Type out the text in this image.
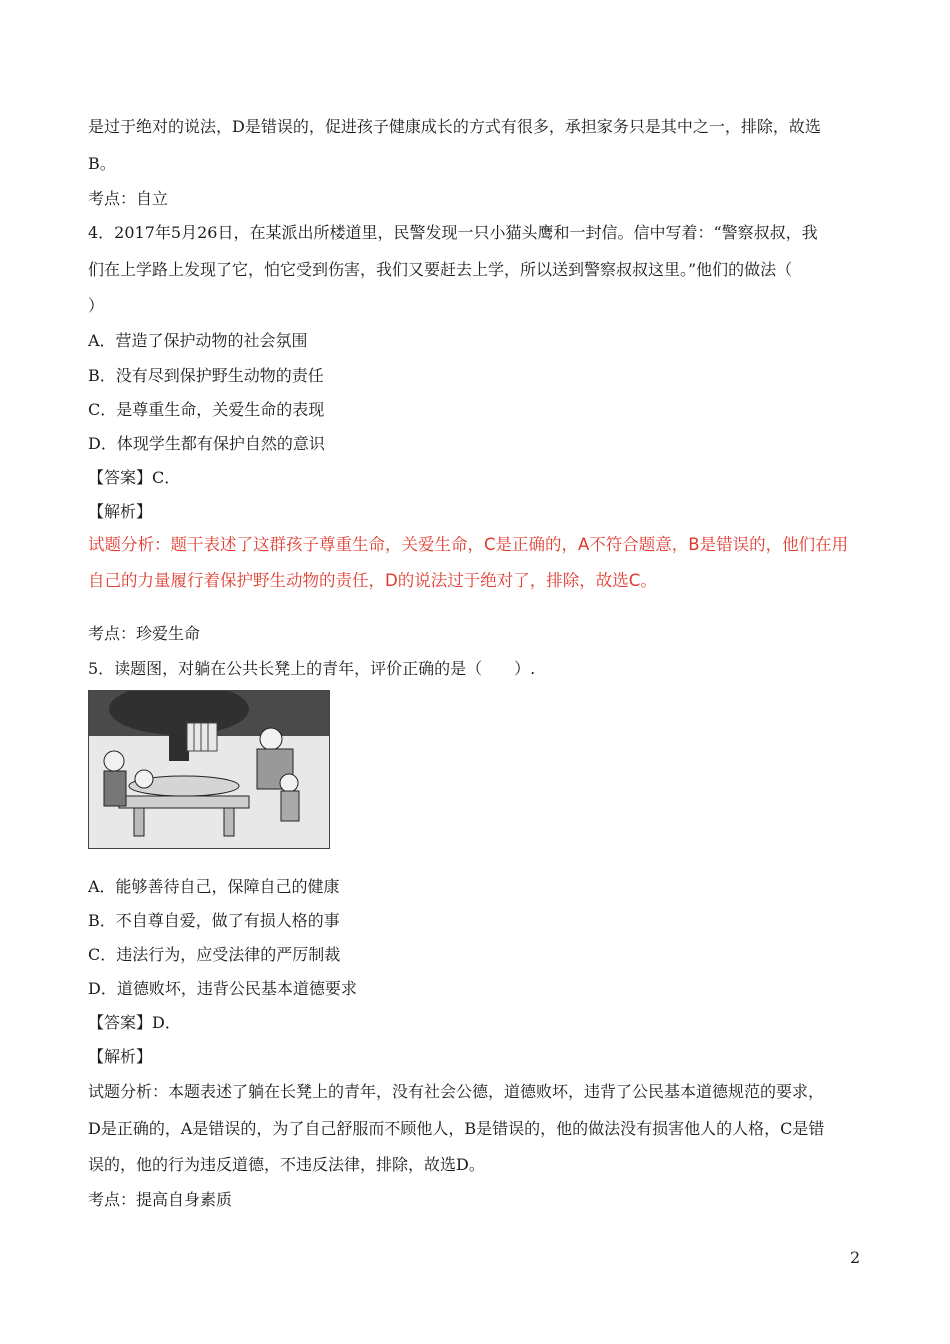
是过于绝对的说法，D是错误的，促进孩子健康成长的方式有很多，承担家务只是其中之一，排除，故选
B。
考点：自立
4．2017年5月26日，在某派出所楼道里，民警发现一只小猫头鹰和一封信。信中写着：“警察叔叔，我
们在上学路上发现了它，怕它受到伤害，我们又要赶去上学，所以送到警察叔叔这里。”他们的做法（
）
A．营造了保护动物的社会氛围
B．没有尽到保护野生动物的责任
C．是尊重生命，关爱生命的表现
D．体现学生都有保护自然的意识
【答案】C．
【解析】
试题分析：题干表述了这群孩子尊重生命，关爱生命，C是正确的，A不符合题意，B是错误的，他们在用
自己的力量履行着保护野生动物的责任，D的说法过于绝对了，排除，故选C。
考点：珍爱生命
5．读题图，对躺在公共长凳上的青年，评价正确的是（　　）.
A．能够善待自己，保障自己的健康
B．不自尊自爱，做了有损人格的事
C．违法行为，应受法律的严厉制裁
D．道德败坏，违背公民基本道德要求
【答案】D．
【解析】
试题分析：本题表述了躺在长凳上的青年，没有社会公德，道德败坏，违背了公民基本道德规范的要求，
D是正确的，A是错误的，为了自己舒服而不顾他人，B是错误的，他的做法没有损害他人的人格，C是错
误的，他的行为违反道德，不违反法律，排除，故选D。
考点：提高自身素质
2
